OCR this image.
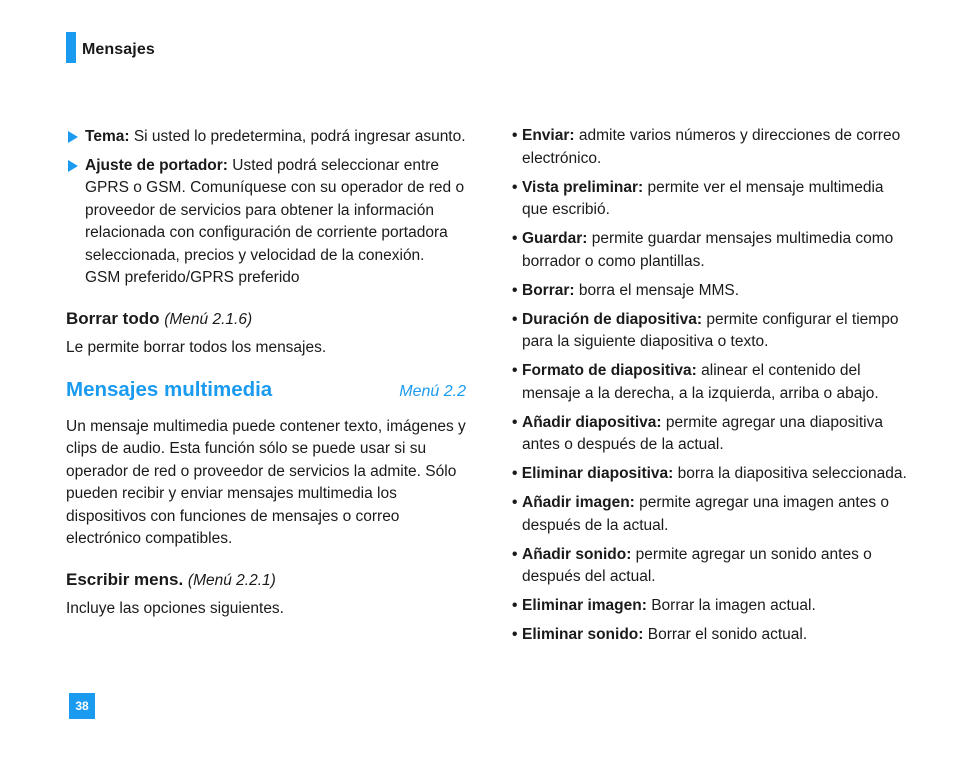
Mensajes
Tema: Si usted lo predetermina, podrá ingresar asunto.
Ajuste de portador: Usted podrá seleccionar entre GPRS o GSM. Comuníquese con su operador de red o proveedor de servicios para obtener la información relacionada con configuración de corriente portadora seleccionada, precios y velocidad de la conexión.
GSM preferido/GPRS preferido
Borrar todo (Menú 2.1.6)

Le permite borrar todos los mensajes.

Mensajes multimedia	Menú 2.2

Un mensaje multimedia puede contener texto, imágenes y clips de audio. Esta función sólo se puede usar si su operador de red o proveedor de servicios la admite. Sólo pueden recibir y enviar mensajes multimedia los dispositivos con funciones de mensajes o correo electrónico compatibles.

Escribir mens. (Menú 2.2.1)

Incluye las opciones siguientes.

• Enviar: admite varios números y direcciones de correo electrónico.
• Vista preliminar: permite ver el mensaje multimedia que escribió.
• Guardar: permite guardar mensajes multimedia como borrador o como plantillas.
• Borrar: borra el mensaje MMS.
• Duración de diapositiva: permite configurar el tiempo para la siguiente diapositiva o texto.
• Formato de diapositiva: alinear el contenido del mensaje a la derecha, a la izquierda, arriba o abajo.
• Añadir diapositiva: permite agregar una diapositiva antes o después de la actual.
• Eliminar diapositiva: borra la diapositiva seleccionada.
• Añadir imagen: permite agregar una imagen antes o después de la actual.
• Añadir sonido: permite agregar un sonido antes o después del actual.
• Eliminar imagen: Borrar la imagen actual.
• Eliminar sonido: Borrar el sonido actual.
38
